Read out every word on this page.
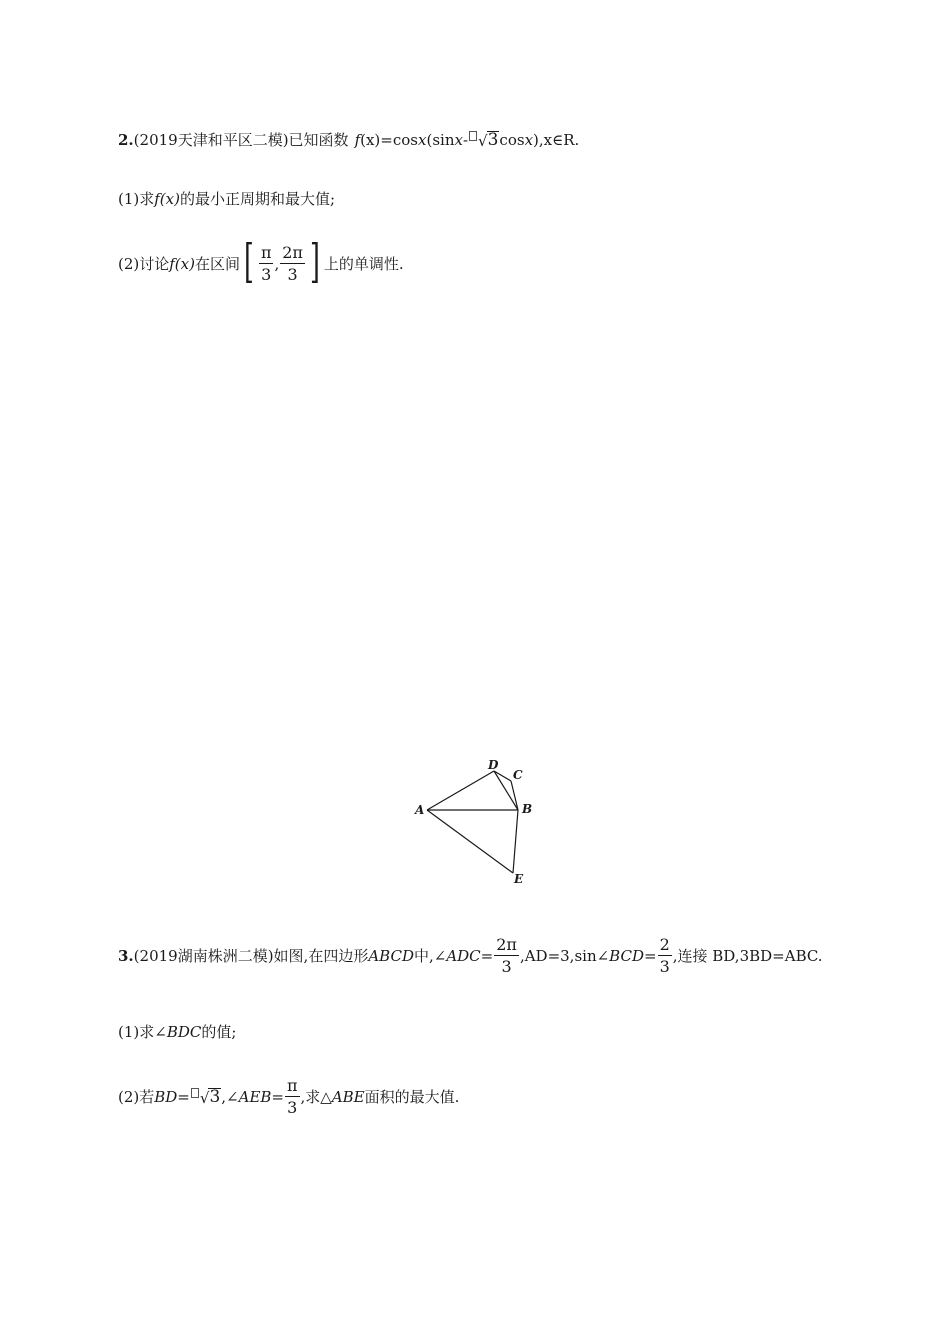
2. (2019天津和平区二模)已知函数 f (x) =cos x (sin x - √ 3 cos x ) ,x∈R.
(1)求 f(x) 的最小正周期和最大值;
(2)讨论 f(x) 在区间 [ $\frac{\pi}{3}$ , $\frac{2\pi}{3}$ ] 上的单调性.
A	B
C
D
E
3. (2019湖南株洲二模)如图,在四边形 ABCD 中,∠ ADC = $\frac{2\pi}{3}$ ,AD=3,sin∠ BCD = $\frac{2}{3}$ ,连接 BD,3BD=ABC.
(1)求∠ BDC 的值;
(2)若 BD= √ 3 ,∠ $AEB= \frac{\pi}{3}$ ,求△ ABE 面积的最大值.
